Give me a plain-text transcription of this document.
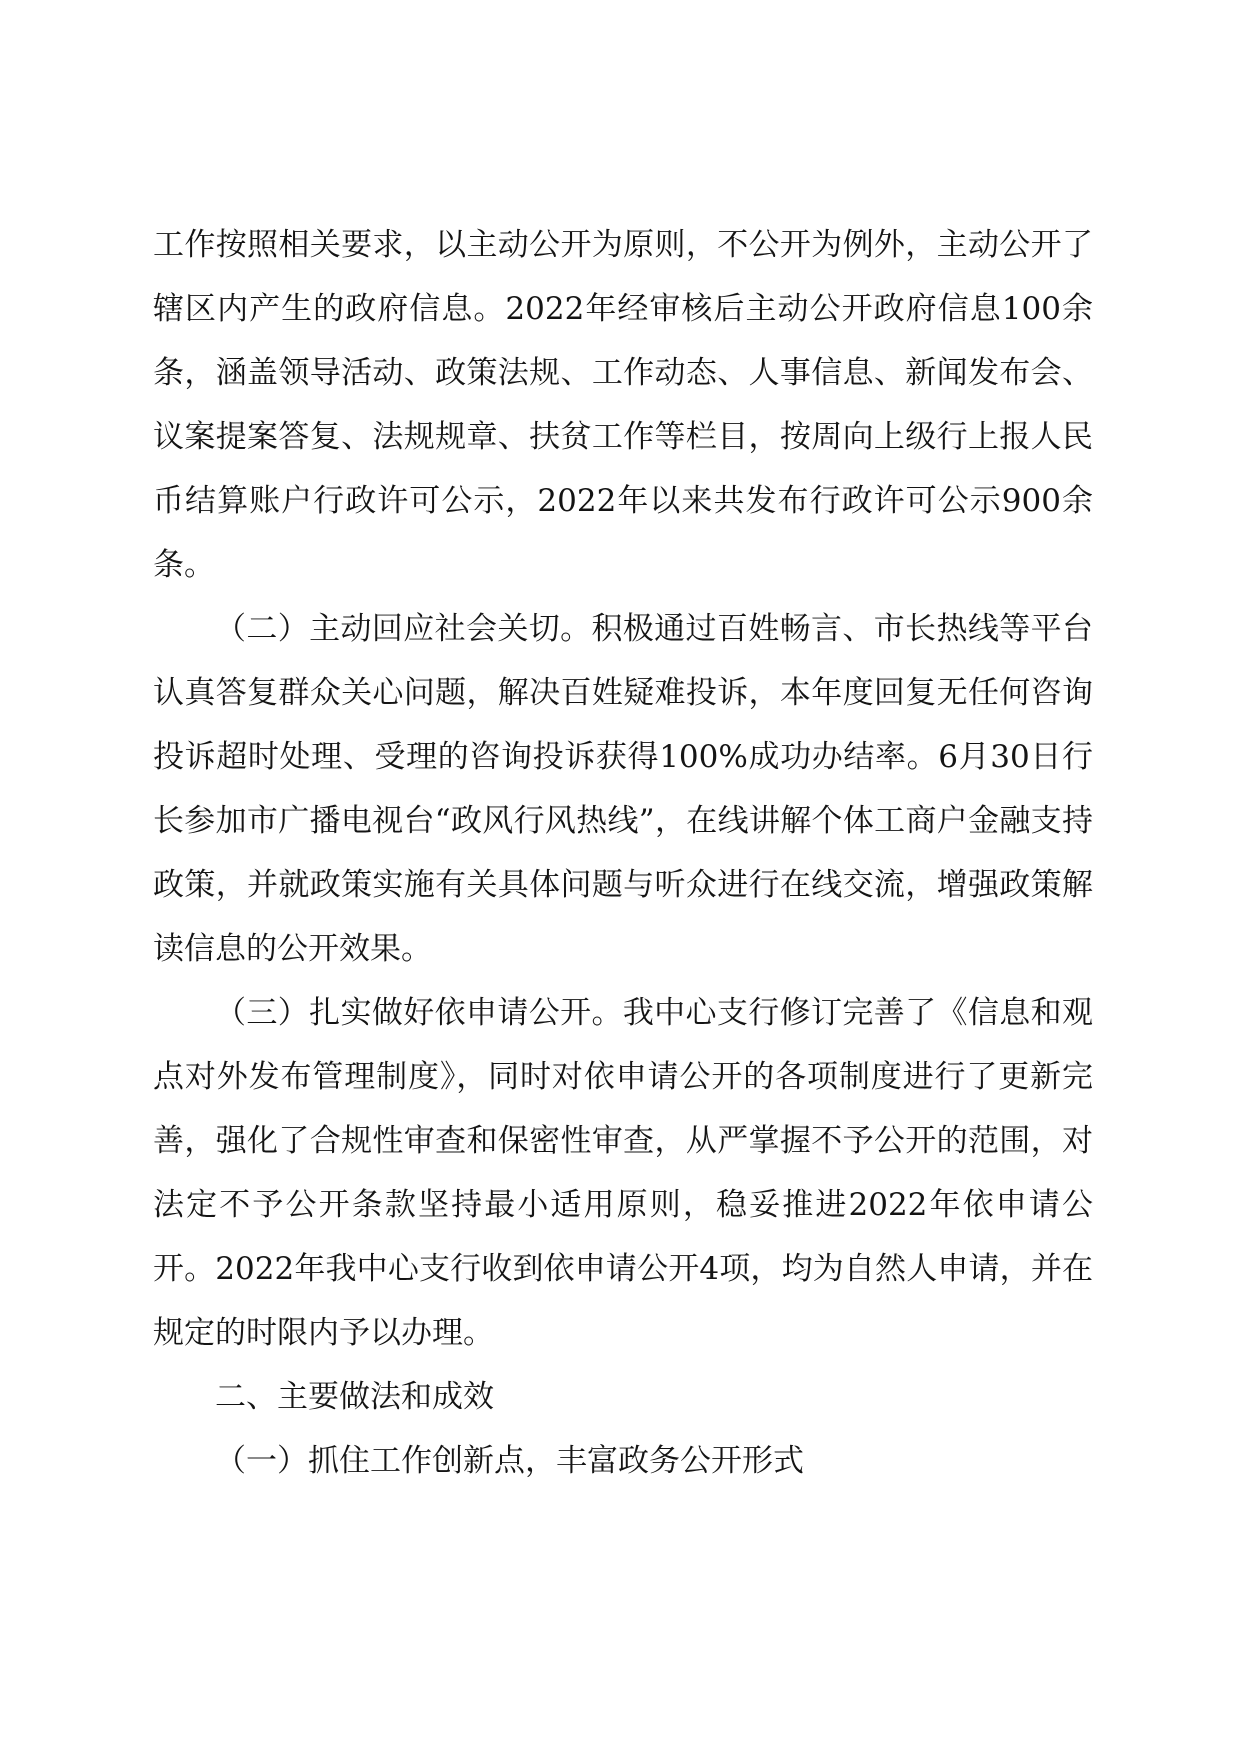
工作按照相关要求，以主动公开为原则，不公开为例外，主动公开了辖区内产生的政府信息。2022年经审核后主动公开政府信息100余条，涵盖领导活动、政策法规、工作动态、人事信息、新闻发布会、议案提案答复、法规规章、扶贫工作等栏目，按周向上级行上报人民币结算账户行政许可公示，2022年以来共发布行政许可公示900余条。

（二）主动回应社会关切。积极通过百姓畅言、市长热线等平台认真答复群众关心问题，解决百姓疑难投诉，本年度回复无任何咨询投诉超时处理、受理的咨询投诉获得100%成功办结率。6月30日行长参加市广播电视台“政风行风热线”，在线讲解个体工商户金融支持政策，并就政策实施有关具体问题与听众进行在线交流，增强政策解读信息的公开效果。

（三）扎实做好依申请公开。我中心支行修订完善了《信息和观点对外发布管理制度》，同时对依申请公开的各项制度进行了更新完善，强化了合规性审查和保密性审查，从严掌握不予公开的范围，对法定不予公开条款坚持最小适用原则，稳妥推进2022年依申请公开。2022年我中心支行收到依申请公开4项，均为自然人申请，并在规定的时限内予以办理。

二、主要做法和成效

（一）抓住工作创新点，丰富政务公开形式
